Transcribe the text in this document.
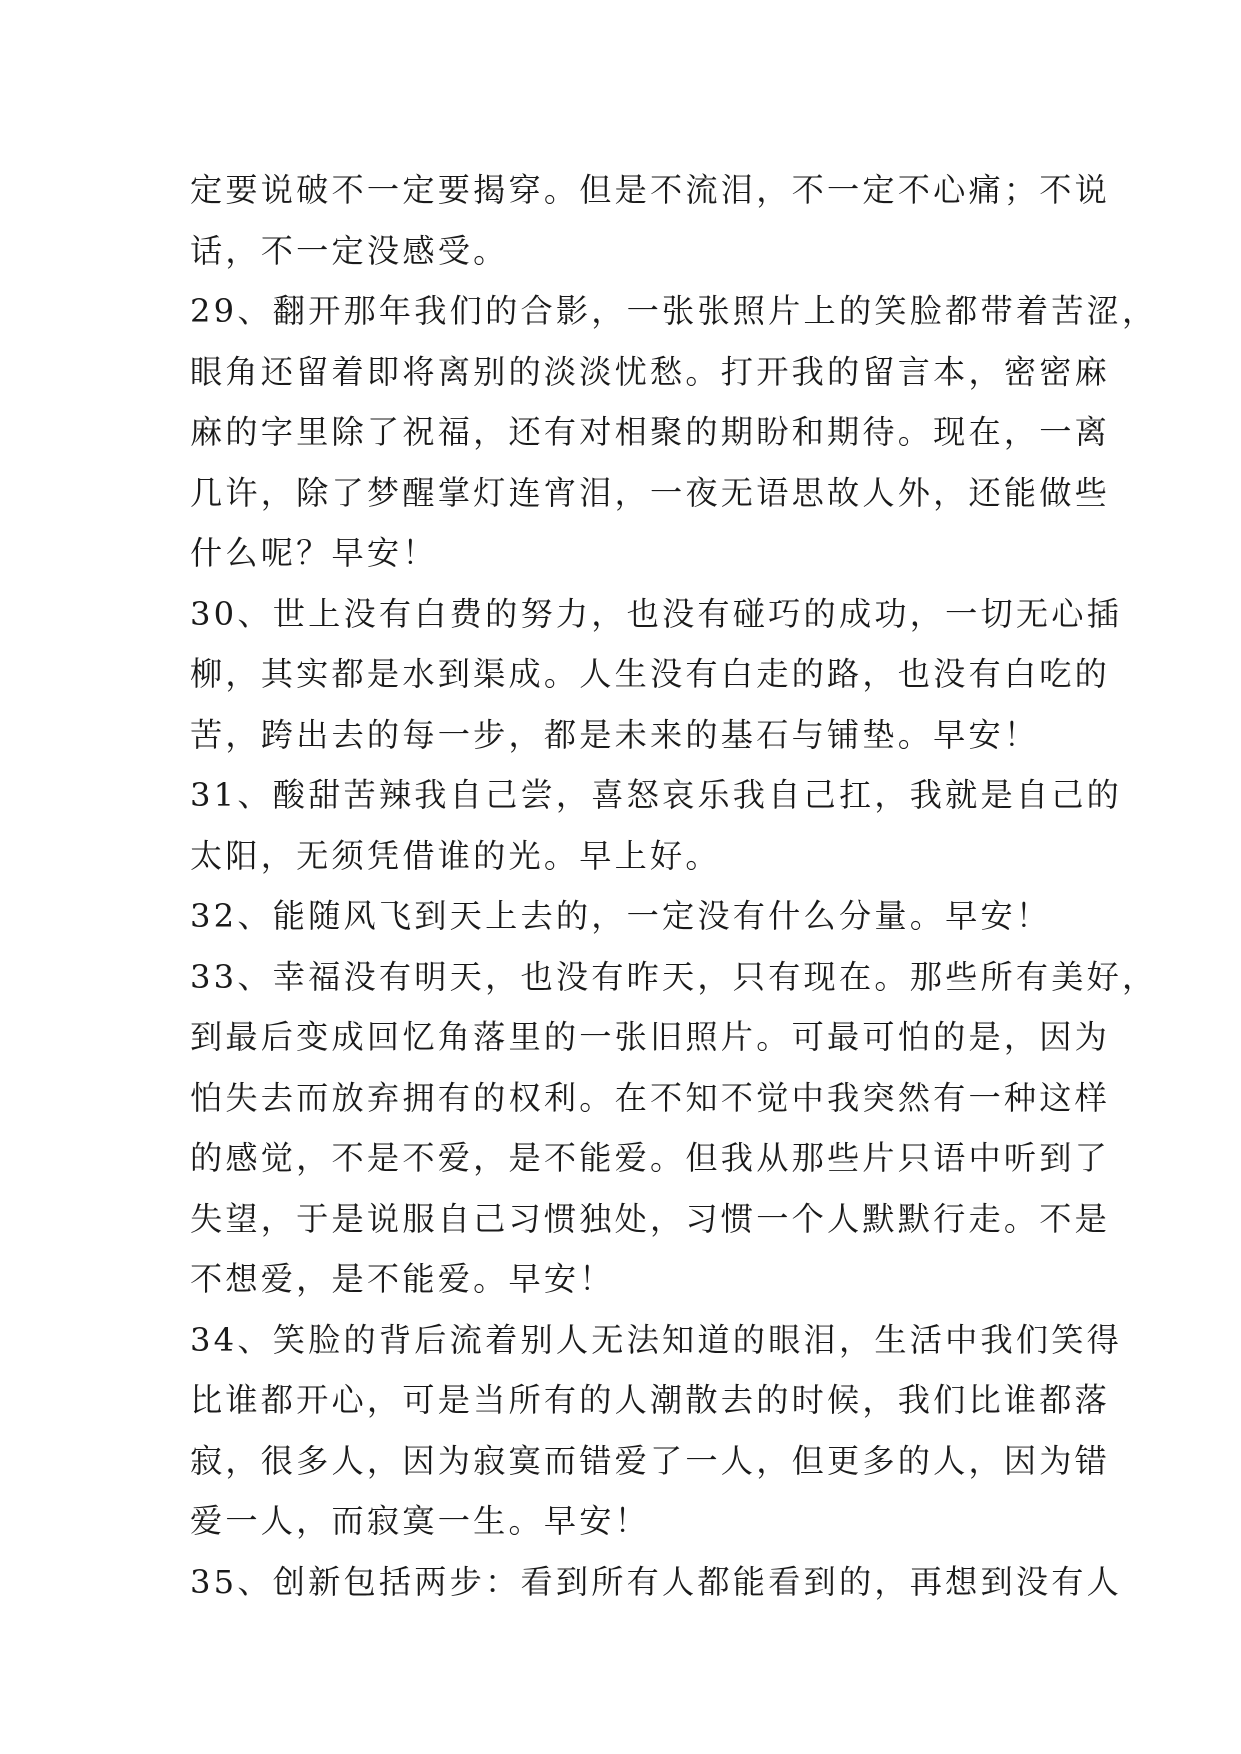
定要说破不一定要揭穿。但是不流泪，不一定不心痛；不说
话，不一定没感受。
29、翻开那年我们的合影，一张张照片上的笑脸都带着苦涩，
眼角还留着即将离别的淡淡忧愁。打开我的留言本，密密麻
麻的字里除了祝福，还有对相聚的期盼和期待。现在，一离
几许，除了梦醒掌灯连宵泪，一夜无语思故人外，还能做些
什么呢？早安！
30、世上没有白费的努力，也没有碰巧的成功，一切无心插
柳，其实都是水到渠成。人生没有白走的路，也没有白吃的
苦，跨出去的每一步，都是未来的基石与铺垫。早安！
31、酸甜苦辣我自己尝，喜怒哀乐我自己扛，我就是自己的
太阳，无须凭借谁的光。早上好。
32、能随风飞到天上去的，一定没有什么分量。早安！
33、幸福没有明天，也没有昨天，只有现在。那些所有美好，
到最后变成回忆角落里的一张旧照片。可最可怕的是，因为
怕失去而放弃拥有的权利。在不知不觉中我突然有一种这样
的感觉，不是不爱，是不能爱。但我从那些片只语中听到了
失望，于是说服自己习惯独处，习惯一个人默默行走。不是
不想爱，是不能爱。早安！
34、笑脸的背后流着别人无法知道的眼泪，生活中我们笑得
比谁都开心，可是当所有的人潮散去的时候，我们比谁都落
寂，很多人，因为寂寞而错爱了一人，但更多的人，因为错
爱一人，而寂寞一生。早安！
35、创新包括两步：看到所有人都能看到的，再想到没有人
